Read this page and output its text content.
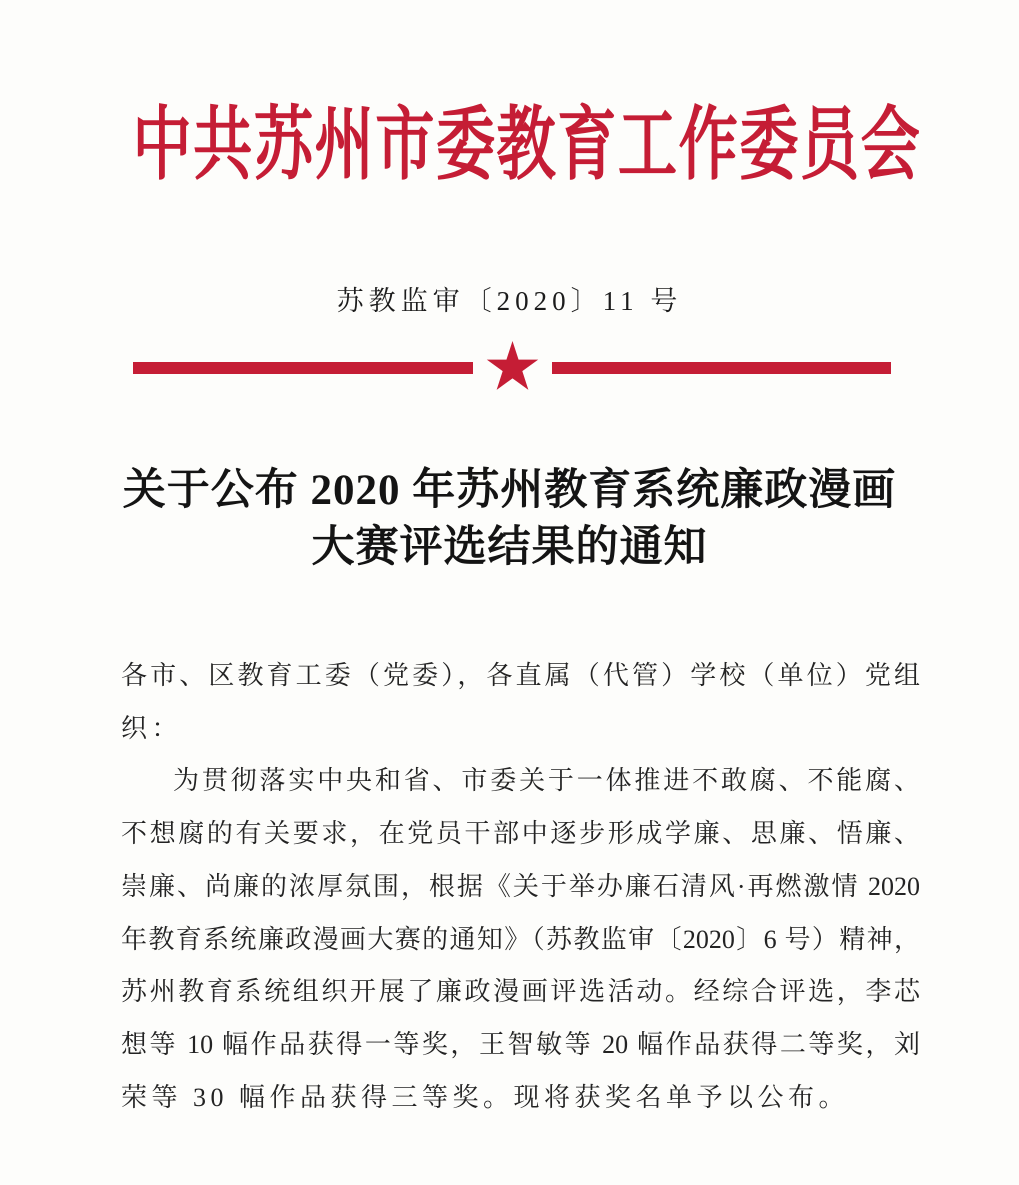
中共苏州市委教育工作委员会
苏教监审〔2020〕11 号
关于公布 2020 年苏州教育系统廉政漫画
大赛评选结果的通知
各市、区教育工委（党委），各直属（代管）学校（单位）党组
织：
为贯彻落实中央和省、市委关于一体推进不敢腐、不能腐、
不想腐的有关要求，在党员干部中逐步形成学廉、思廉、悟廉、
崇廉、尚廉的浓厚氛围，根据《关于举办廉石清风·再燃激情 2020
年教育系统廉政漫画大赛的通知》（苏教监审〔2020〕6 号）精神，
苏州教育系统组织开展了廉政漫画评选活动。经综合评选，李芯
想等 10 幅作品获得一等奖，王智敏等 20 幅作品获得二等奖，刘
荣等 30 幅作品获得三等奖。现将获奖名单予以公布。
